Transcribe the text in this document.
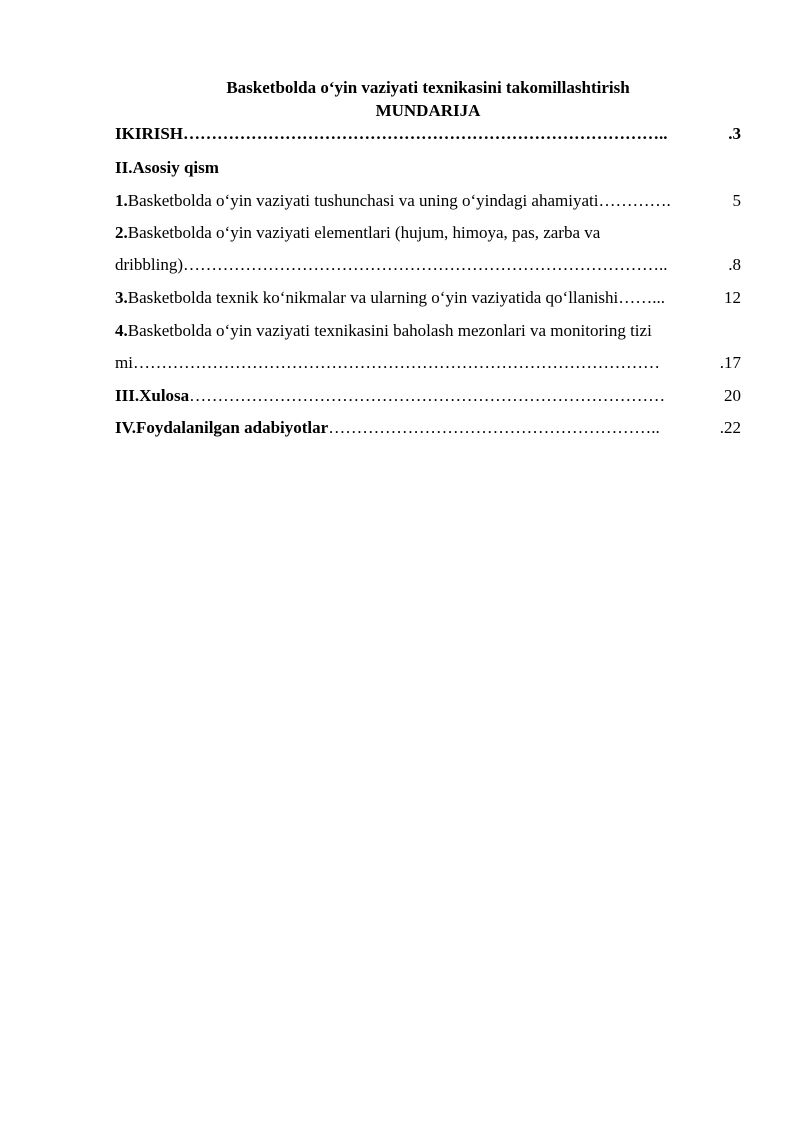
Basketbolda o‘yin vaziyati texnikasini takomillashtirish
MUNDARIJA
IKIRISH …………………………………………………………………………..	.3
II.Asosiy qism
1.Basketbolda o‘yin vaziyati tushunchasi va uning o‘yindagi ahamiyati ………….	5
2.Basketbolda o‘yin vaziyati elementlari (hujum, himoya, pas, zarba va
dribbling) …………………………………………………………………………..	.8
3.Basketbolda texnik ko‘nikmalar va ularning o‘yin vaziyatida qo‘llanishi ……...	12
4.Basketbolda o‘yin vaziyati texnikasini baholash mezonlari va monitoring tizi
mi …………………………………………………………………………………	.17
III.Xulosa …………………………………………………………………………	20
IV.Foydalanilgan adabiyotlar …………………………………………………..	.22
